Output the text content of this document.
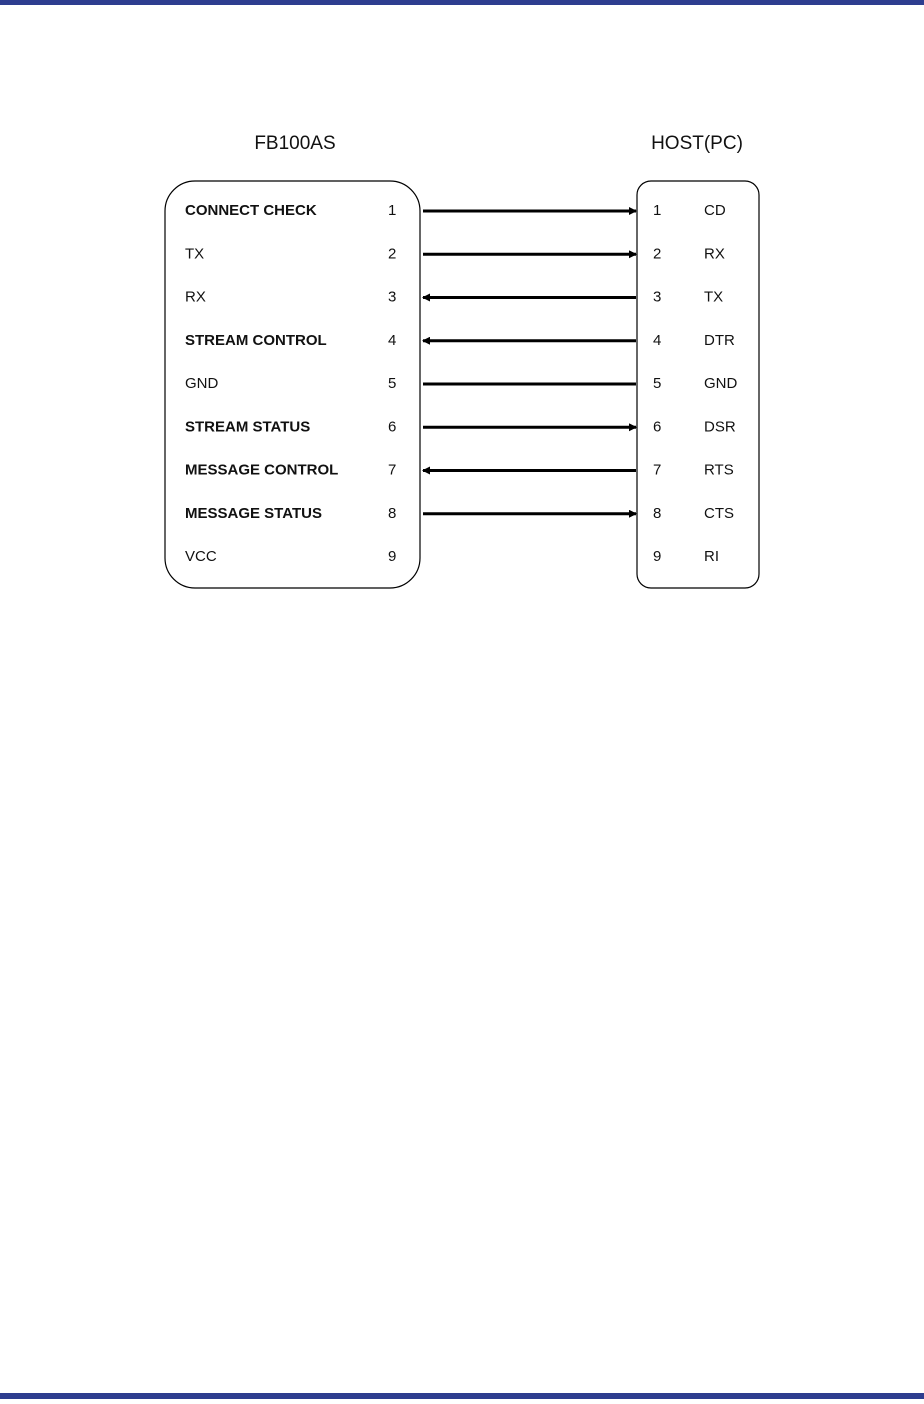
FB100AS	HOST(PC)
CONNECT CHECK	1
TX	2
RX	3
STREAM CONTROL	4
GND	5
STREAM STATUS	6
MESSAGE CONTROL	7
MESSAGE STATUS	8
VCC	9
1	CD
2	RX
3	TX
4	DTR
5	GND
6	DSR
7	RTS
8	CTS
9	RI
